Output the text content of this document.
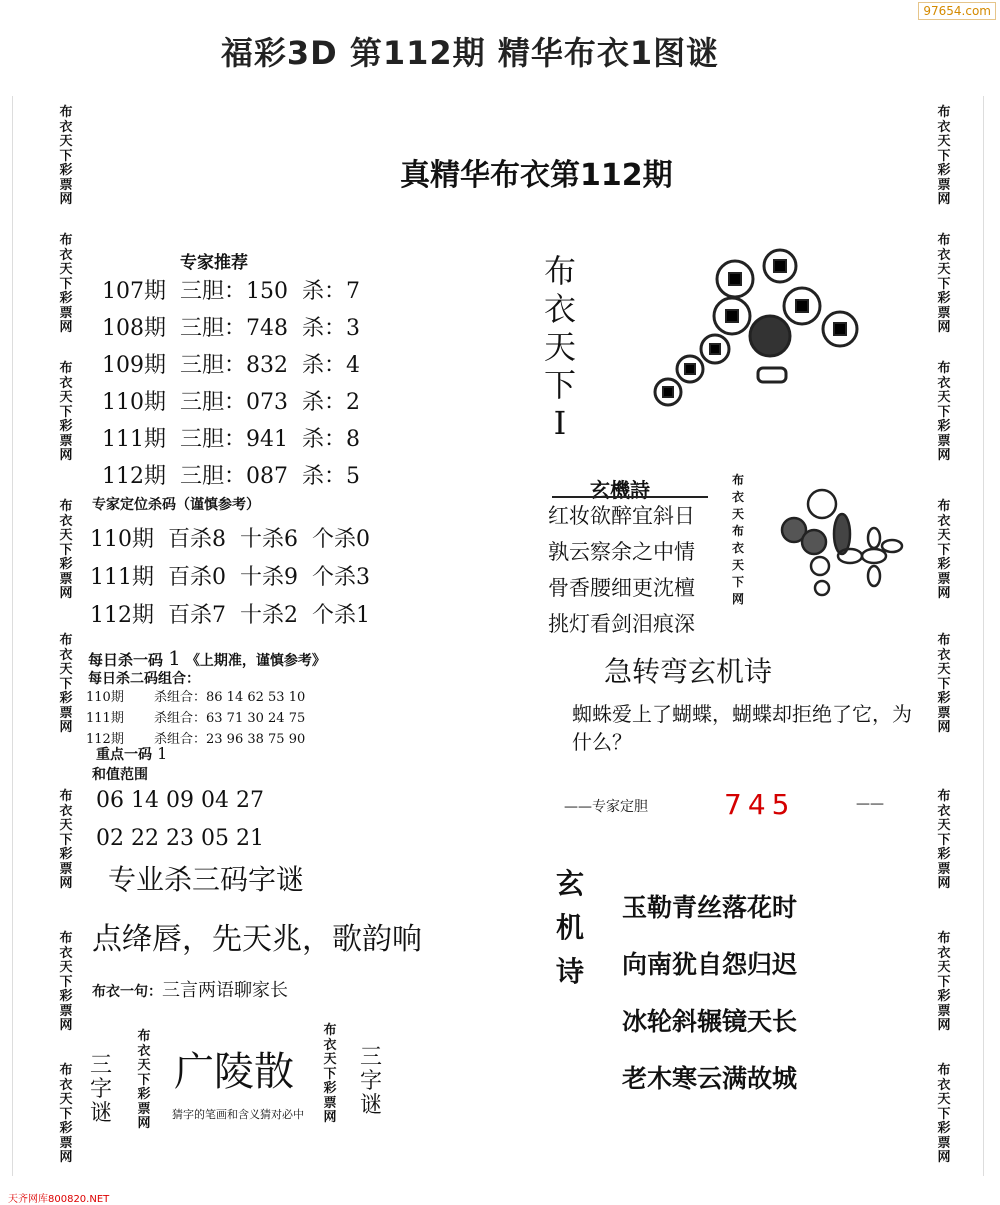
97654.com
福彩3D 第112期 精华布衣1图谜
布衣天下彩票网
布衣天下彩票网
布衣天下彩票网
布衣天下彩票网
布衣天下彩票网
布衣天下彩票网
布衣天下彩票网
布衣天下彩票网
布衣天下彩票网
布衣天下彩票网
布衣天下彩票网
布衣天下彩票网
布衣天下彩票网
布衣天下彩票网
布衣天下彩票网
布衣天下彩票网
真精华布衣第112期
专家推荐
107期 三胆：150 杀：7
108期 三胆：748 杀：3
109期 三胆：832 杀：4
110期 三胆：073 杀：2
111期 三胆：941 杀：8
112期 三胆：087 杀：5
专家定位杀码（谨慎参考）
110期 百杀8 十杀6 个杀0
111期 百杀0 十杀9 个杀3
112期 百杀7 十杀2 个杀1
每日杀一码 1 《上期准，谨慎参考》
每日杀二码组合：
110期 杀组合：86 14 62 53 10
111期 杀组合：63 71 30 24 75
112期 杀组合：23 96 38 75 90
重点一码 1
和值范围
06 14 09 04 27
02 22 23 05 21
专业杀三码字谜
点绛唇，先天兆，歌韵响
布衣一句：三言两语聊家长
三字谜
布衣天下彩票网
广陵散
猜字的笔画和含义猜对必中
布衣天下彩票网
三字谜
布衣天下Ⅰ
玄機詩
红妆欲醉宜斜日
孰云察余之中情
骨香腰细更沈檀
挑灯看剑泪痕深
布衣天布衣天下网
急转弯玄机诗
蜘蛛爱上了蝴蝶，蝴蝶却拒绝了它，为什么？
——专家定胆	745	——
玄机诗
玉勒青丝落花时
向南犹自怨归迟
冰轮斜辗镜天长
老木寒云满故城
天齐网库800820.NET
